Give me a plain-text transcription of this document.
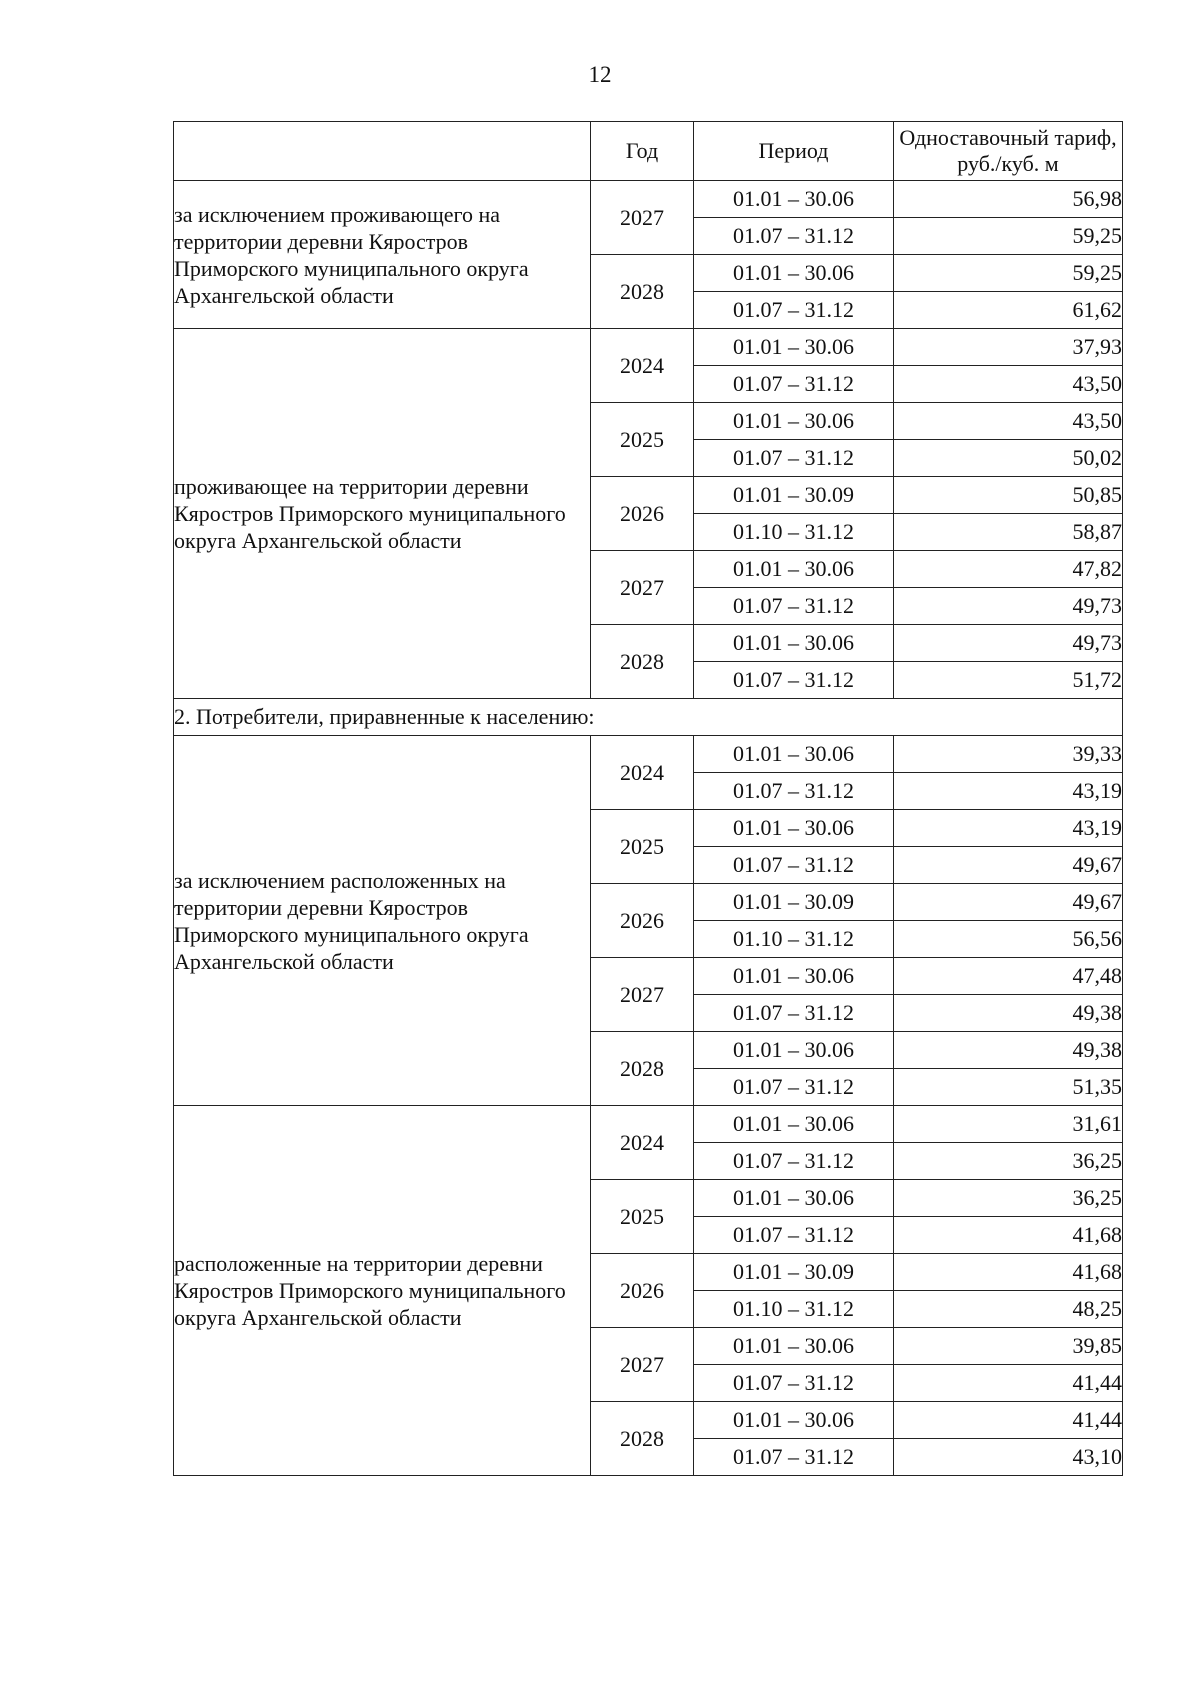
12
	Год	Период	Одноставочный тариф, руб./куб. м
за исключением проживающего на территории деревни Кяростров Приморского муниципального округа Архангельской области	2027	01.01 – 30.06	56,98
		01.07 – 31.12	59,25
	2028	01.01 – 30.06	59,25
		01.07 – 31.12	61,62
проживающее на территории деревни Кяростров Приморского муниципального округа Архангельской области	2024	01.01 – 30.06	37,93
		01.07 – 31.12	43,50
	2025	01.01 – 30.06	43,50
		01.07 – 31.12	50,02
	2026	01.01 – 30.09	50,85
		01.10 – 31.12	58,87
	2027	01.01 – 30.06	47,82
		01.07 – 31.12	49,73
	2028	01.01 – 30.06	49,73
		01.07 – 31.12	51,72
2. Потребители, приравненные к населению:			
за исключением расположенных на территории деревни Кяростров Приморского муниципального округа Архангельской области	2024	01.01 – 30.06	39,33
		01.07 – 31.12	43,19
	2025	01.01 – 30.06	43,19
		01.07 – 31.12	49,67
	2026	01.01 – 30.09	49,67
		01.10 – 31.12	56,56
	2027	01.01 – 30.06	47,48
		01.07 – 31.12	49,38
	2028	01.01 – 30.06	49,38
		01.07 – 31.12	51,35
расположенные на территории деревни Кяростров Приморского муниципального округа Архангельской области	2024	01.01 – 30.06	31,61
		01.07 – 31.12	36,25
	2025	01.01 – 30.06	36,25
		01.07 – 31.12	41,68
	2026	01.01 – 30.09	41,68
		01.10 – 31.12	48,25
	2027	01.01 – 30.06	39,85
		01.07 – 31.12	41,44
	2028	01.01 – 30.06	41,44
		01.07 – 31.12	43,10
